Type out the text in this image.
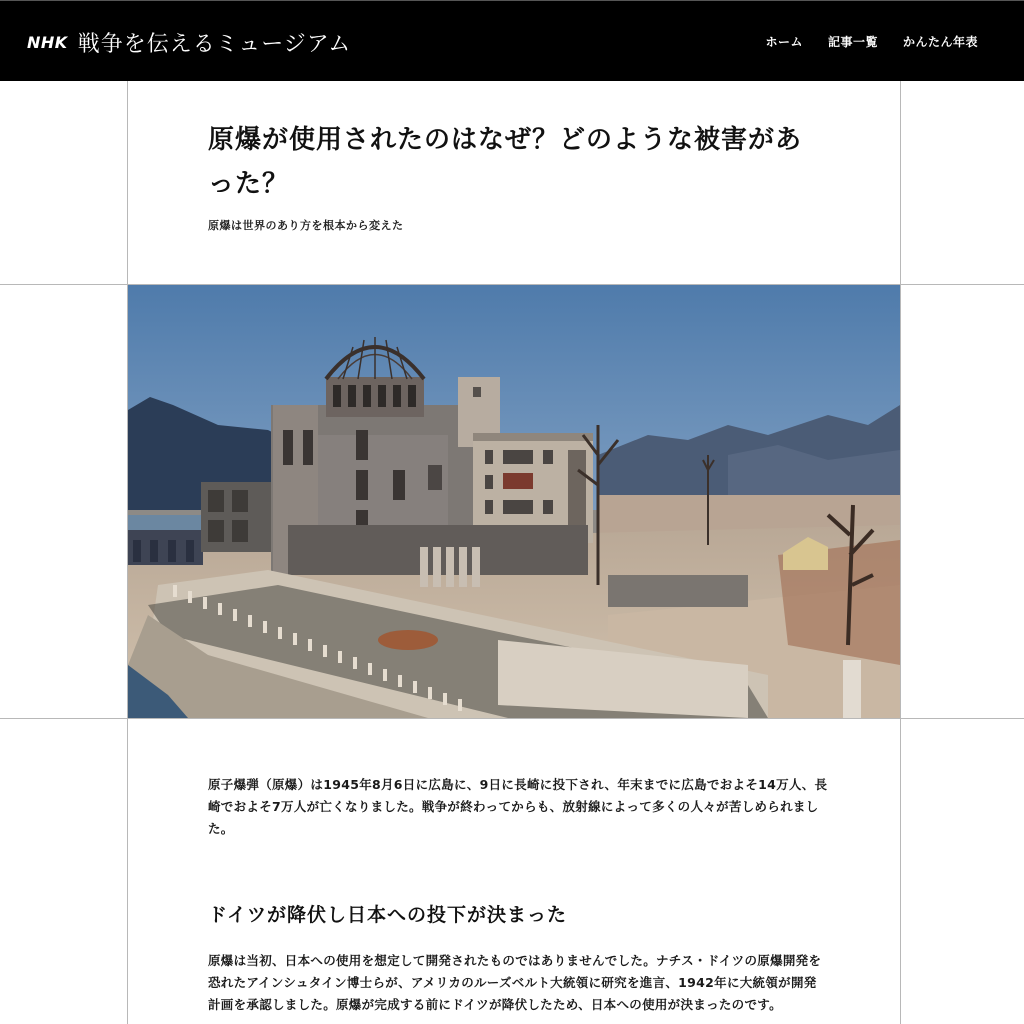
NHK 戦争を伝えるミュージアム	ホーム 記事一覧 かんたん年表
原爆が使用されたのはなぜ？どのような被害があった？

原爆は世界のあり方を根本から変えた

原子爆弾（原爆）は1945年8月6日に広島に、9日に長崎に投下され、年末までに広島でおよそ14万人、長崎でおよそ7万人が亡くなりました。戦争が終わってからも、放射線によって多くの人々が苦しめられました。

ドイツが降伏し日本への投下が決まった

原爆は当初、日本への使用を想定して開発されたものではありませんでした。ナチス・ドイツの原爆開発を恐れたアインシュタイン博士らが、アメリカのルーズベルト大統領に研究を進言、1942年に大統領が開発計画を承認しました。原爆が完成する前にドイツが降伏したため、日本への使用が決まったのです。
